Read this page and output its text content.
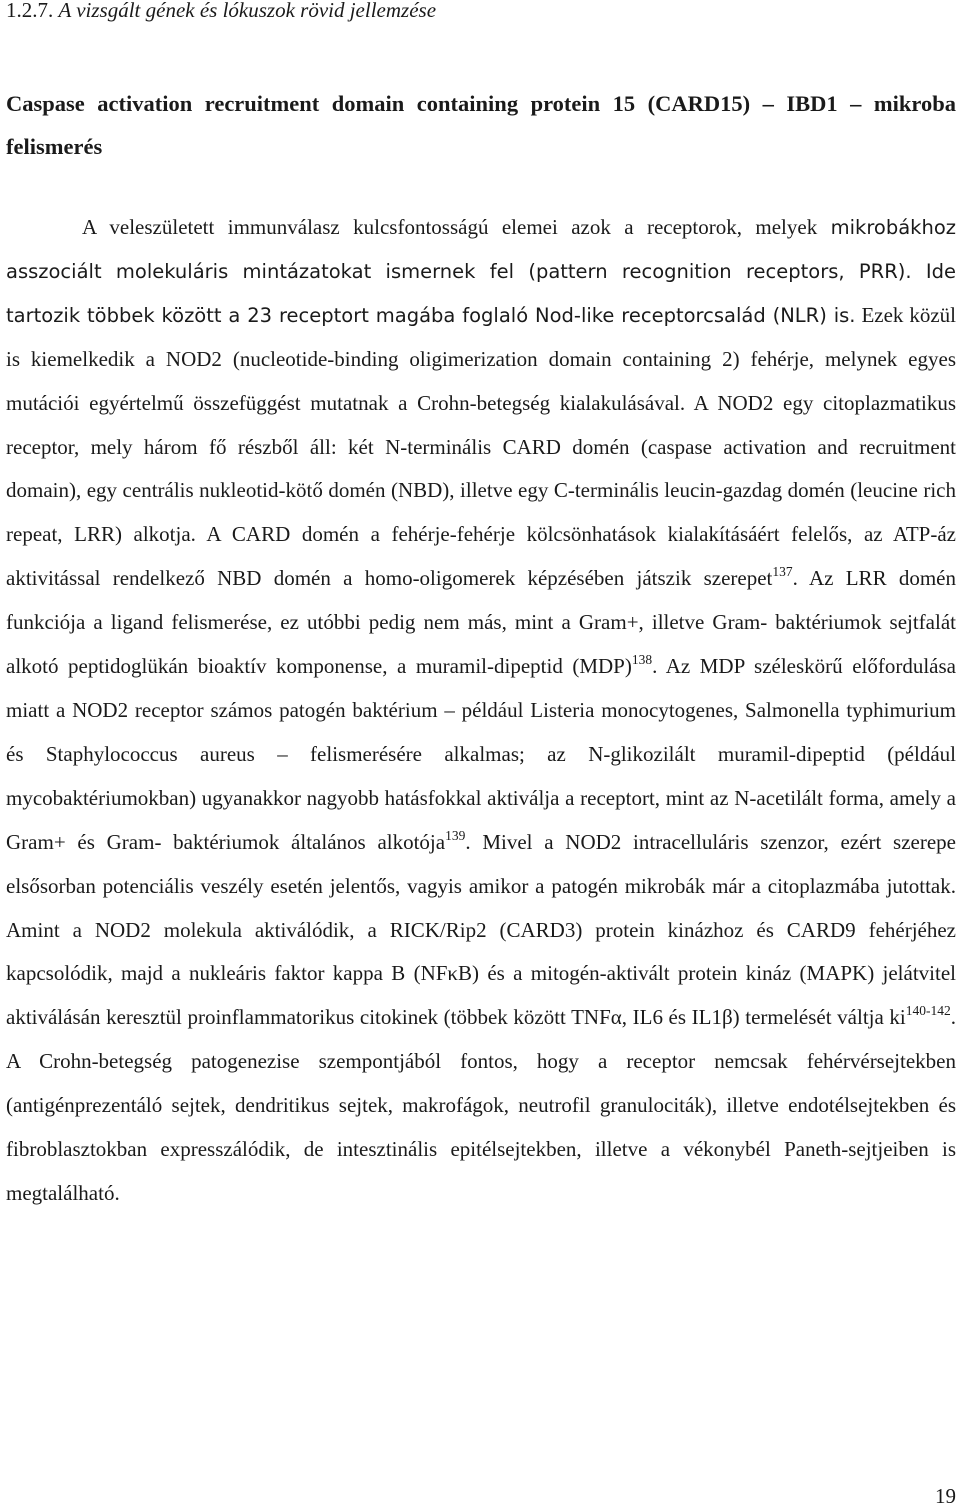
1.2.7. A vizsgált gének és lókuszok rövid jellemzése
Caspase activation recruitment domain containing protein 15 (CARD15) – IBD1 – mikroba felismerés

A veleszületett immunválasz kulcsfontosságú elemei azok a receptorok, melyek mikrobákhoz asszociált molekuláris mintázatokat ismernek fel (pattern recognition receptors, PRR). Ide tartozik többek között a 23 receptort magába foglaló Nod-like receptorcsalád (NLR) is. Ezek közül is kiemelkedik a NOD2 (nucleotide-binding oligimerization domain containing 2) fehérje, melynek egyes mutációi egyértelmű összefüggést mutatnak a Crohn-betegség kialakulásával. A NOD2 egy citoplazmatikus receptor, mely három fő részből áll: két N-terminális CARD domén (caspase activation and recruitment domain), egy centrális nukleotid-kötő domén (NBD), illetve egy C-terminális leucin-gazdag domén (leucine rich repeat, LRR) alkotja. A CARD domén a fehérje-fehérje kölcsönhatások kialakításáért felelős, az ATP-áz aktivitással rendelkező NBD domén a homo-oligomerek képzésében játszik szerepet$^{137}$. Az LRR domén funkciója a ligand felismerése, ez utóbbi pedig nem más, mint a Gram+, illetve Gram- baktériumok sejtfalát alkotó peptidoglükán bioaktív komponense, a muramil-dipeptid (MDP)$^{138}$. Az MDP széleskörű előfordulása miatt a NOD2 receptor számos patogén baktérium – például Listeria monocytogenes, Salmonella typhimurium és Staphylococcus aureus – felismerésére alkalmas; az N-glikozilált muramil-dipeptid (például mycobaktériumokban) ugyanakkor nagyobb hatásfokkal aktiválja a receptort, mint az N-acetilált forma, amely a Gram+ és Gram- baktériumok általános alkotója$^{139}$. Mivel a NOD2 intracelluláris szenzor, ezért szerepe elsősorban potenciális veszély esetén jelentős, vagyis amikor a patogén mikrobák már a citoplazmába jutottak. Amint a NOD2 molekula aktiválódik, a RICK/Rip2 (CARD3) protein kinázhoz és CARD9 fehérjéhez kapcsolódik, majd a nukleáris faktor kappa B (NFκB) és a mitogén-aktivált protein kináz (MAPK) jelátvitel aktiválásán keresztül proinflammatorikus citokinek (többek között TNFα, IL6 és IL1β) termelését váltja ki$^{140-142}$. A Crohn-betegség patogenezise szempontjából fontos, hogy a receptor nemcsak fehérvérsejtekben (antigénprezentáló sejtek, dendritikus sejtek, makrofágok, neutrofil granulociták), illetve endotélsejtekben és fibroblasztokban expresszálódik, de intesztinális epitélsejtekben, illetve a vékonybél Paneth-sejtjeiben is megtalálható.

19
